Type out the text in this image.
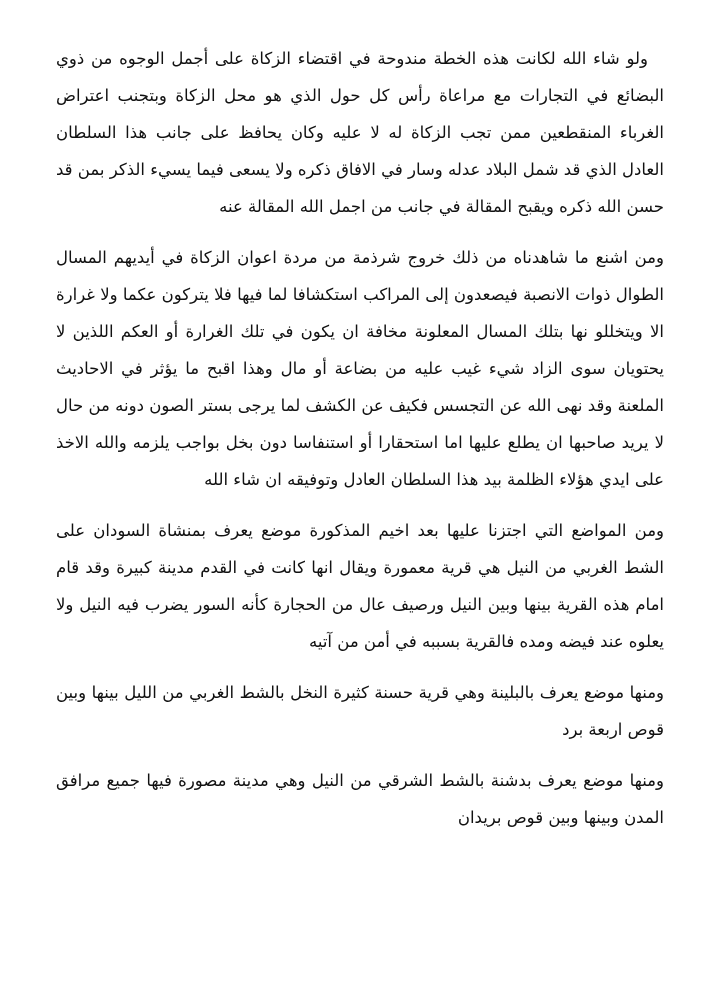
ولو شاء الله لكانت هذه الخطة مندوحة في اقتضاء الزكاة على أجمل الوجوه من ذوي البضائع في التجارات مع مراعاة رأس كل حول الذي هو محل الزكاة وبتجنب اعتراض الغرباء المنقطعين ممن تجب الزكاة له لا عليه وكان يحافظ على جانب هذا السلطان العادل الذي قد شمل البلاد عدله وسار في الافاق ذكره ولا يسعى فيما يسيء الذكر بمن قد حسن الله ذكره ويقبح المقالة في جانب من اجمل الله المقالة عنه

ومن اشنع ما شاهدناه من ذلك خروج شرذمة من مردة اعوان الزكاة في أيديهم المسال الطوال ذوات الانصبة فيصعدون إلى المراكب استكشافا لما فيها فلا يتركون عكما ولا غرارة الا ويتخللو نها بتلك المسال المعلونة مخافة ان يكون في تلك الغرارة أو العكم اللذين لا يحتويان سوى الزاد شيء غيب عليه من بضاعة أو مال وهذا اقبح ما يؤثر في الاحاديث الملعنة وقد نهى الله عن التجسس فكيف عن الكشف لما يرجى بستر الصون دونه من حال لا يريد صاحبها ان يطلع عليها اما استحقارا أو استنفاسا دون بخل بواجب يلزمه والله الاخذ على ايدي هؤلاء الظلمة بيد هذا السلطان العادل وتوفيقه ان شاء الله

ومن المواضع التي اجتزنا عليها بعد اخيم المذكورة موضع يعرف بمنشاة السودان على الشط الغربي من النيل هي قرية معمورة ويقال انها كانت في القدم مدينة كبيرة وقد قام امام هذه القرية بينها وبين النيل ورصيف عال من الحجارة كأنه السور يضرب فيه النيل ولا يعلوه عند فيضه ومده فالقرية بسببه في أمن من آتيه

ومنها موضع يعرف بالبلينة وهي قرية حسنة كثيرة النخل بالشط الغربي من الليل بينها وبين قوص اربعة برد

ومنها موضع يعرف بدشنة بالشط الشرقي من النيل وهي مدينة مصورة فيها جميع مرافق المدن وبينها وبين قوص بريدان
